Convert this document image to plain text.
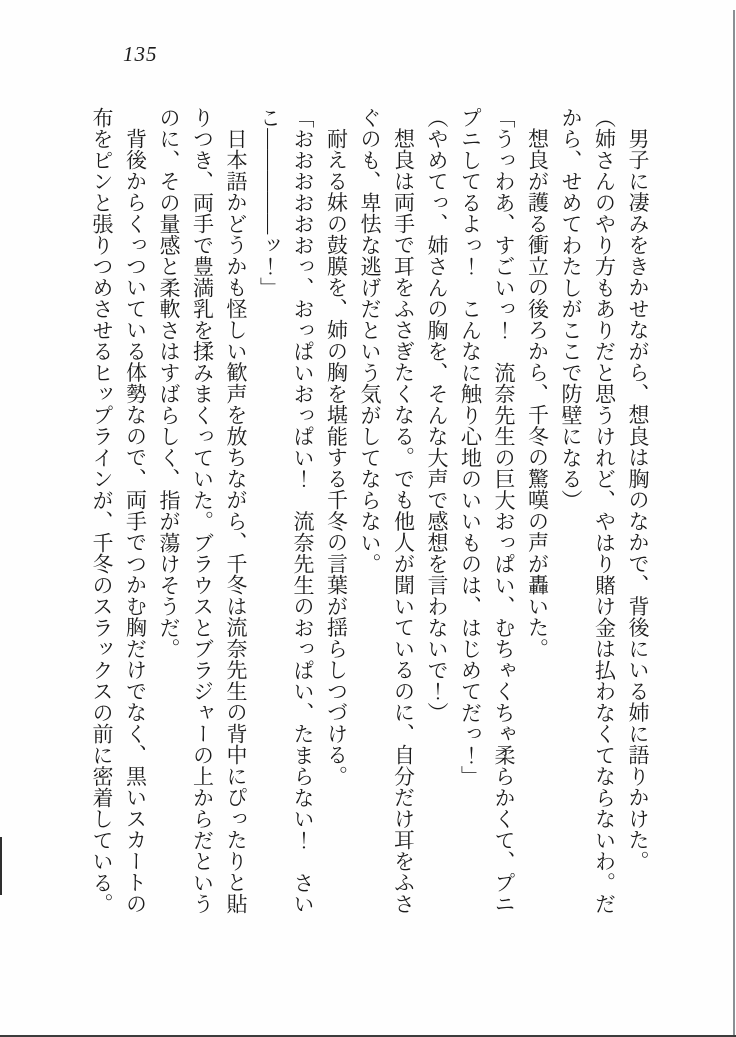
135

男子に凄みをきかせながら、想良は胸のなかで、背後にいる姉に語りかけた。

（姉さんのやり方もありだと思うけれど、やはり賭け金は払わなくてならないわ。だから、せめてわたしがここで防壁になる）

想良が護る衝立の後ろから、千冬の驚嘆の声が轟いた。

「うっわあ、すごいっ！　流奈先生の巨大おっぱい、むちゃくちゃ柔らかくて、プニプニしてるよっ！　こんなに触り心地のいいものは、はじめてだっ！」

（やめてっ、姉さんの胸を、そんな大声で感想を言わないで！）

想良は両手で耳をふさぎたくなる。でも他人が聞いているのに、自分だけ耳をふさぐのも、卑怯な逃げだという気がしてならない。

耐える妹の鼓膜を、姉の胸を堪能する千冬の言葉が揺らしつづける。

「おおおおおおっ、おっぱいおっぱい！　流奈先生のおっぱい、たまらない！　さいこ―――――ッ！」

日本語かどうかも怪しい歓声を放ちながら、千冬は流奈先生の背中にぴったりと貼りつき、両手で豊満乳を揉みまくっていた。ブラウスとブラジャーの上からだというのに、その量感と柔軟さはすばらしく、指が蕩けそうだ。

背後からくっついている体勢なので、両手でつかむ胸だけでなく、黒いスカートの布をピンと張りつめさせるヒップラインが、千冬のスラックスの前に密着している。
